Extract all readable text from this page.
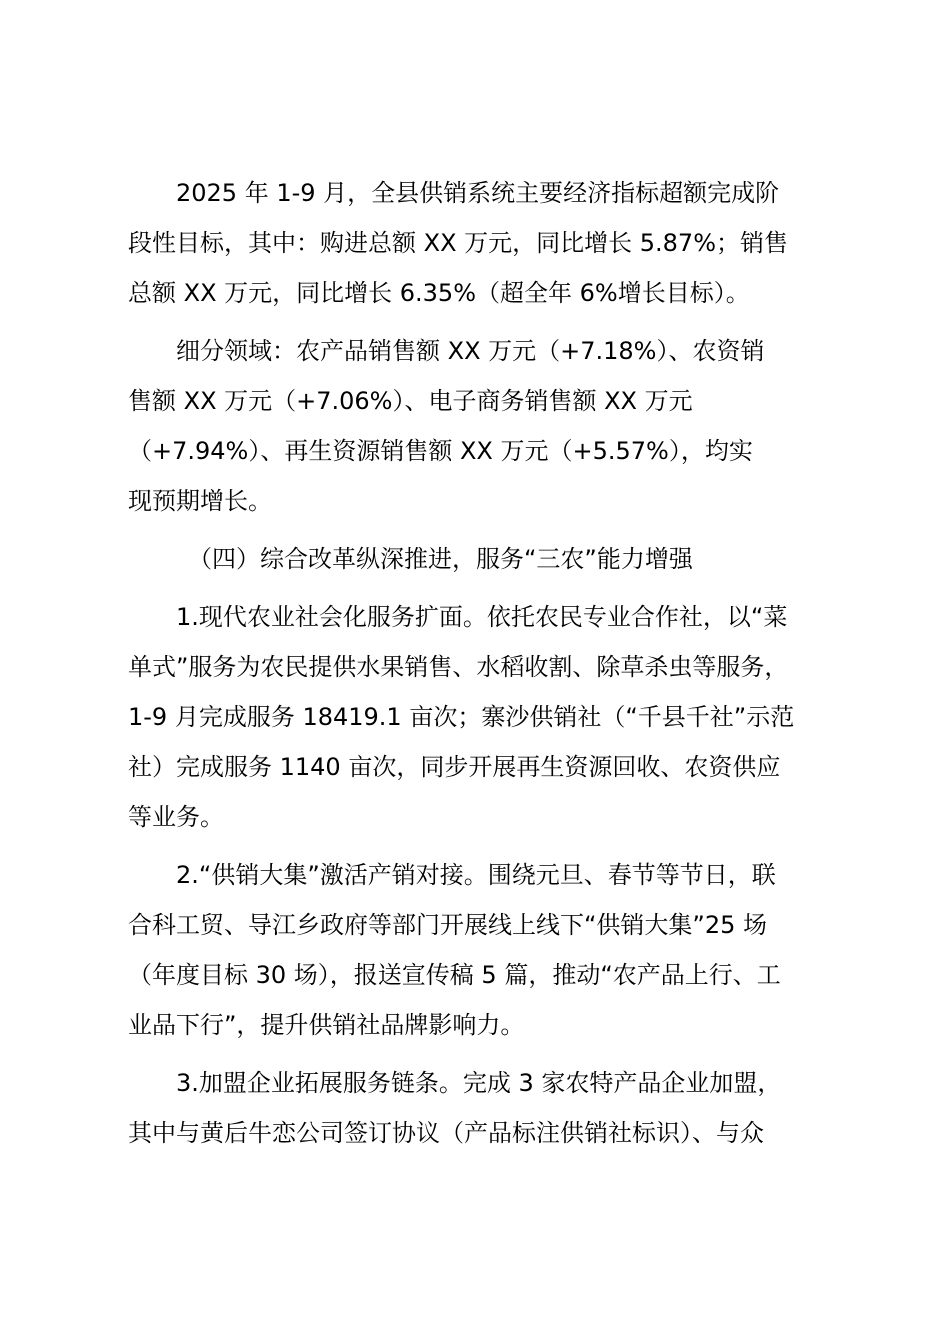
2025 年 1-9 月，全县供销系统主要经济指标超额完成阶
段性目标，其中：购进总额 XX 万元，同比增长 5.87%；销售
总额 XX 万元，同比增长 6.35%（超全年 6%增长目标）。
细分领域：农产品销售额 XX 万元（+7.18%）、农资销
售额 XX 万元（+7.06%）、电子商务销售额 XX 万元
（+7.94%）、再生资源销售额 XX 万元（+5.57%），均实
现预期增长。
（四）综合改革纵深推进，服务“三农”能力增强
1.现代农业社会化服务扩面。依托农民专业合作社，以“菜
单式”服务为农民提供水果销售、水稻收割、除草杀虫等服务，
1-9 月完成服务 18419.1 亩次；寨沙供销社（“千县千社”示范
社）完成服务 1140 亩次，同步开展再生资源回收、农资供应
等业务。
2.“供销大集”激活产销对接。围绕元旦、春节等节日，联
合科工贸、导江乡政府等部门开展线上线下“供销大集”25 场
（年度目标 30 场），报送宣传稿 5 篇，推动“农产品上行、工
业品下行”，提升供销社品牌影响力。
3.加盟企业拓展服务链条。完成 3 家农特产品企业加盟，
其中与黄后牛恋公司签订协议（产品标注供销社标识）、与众
